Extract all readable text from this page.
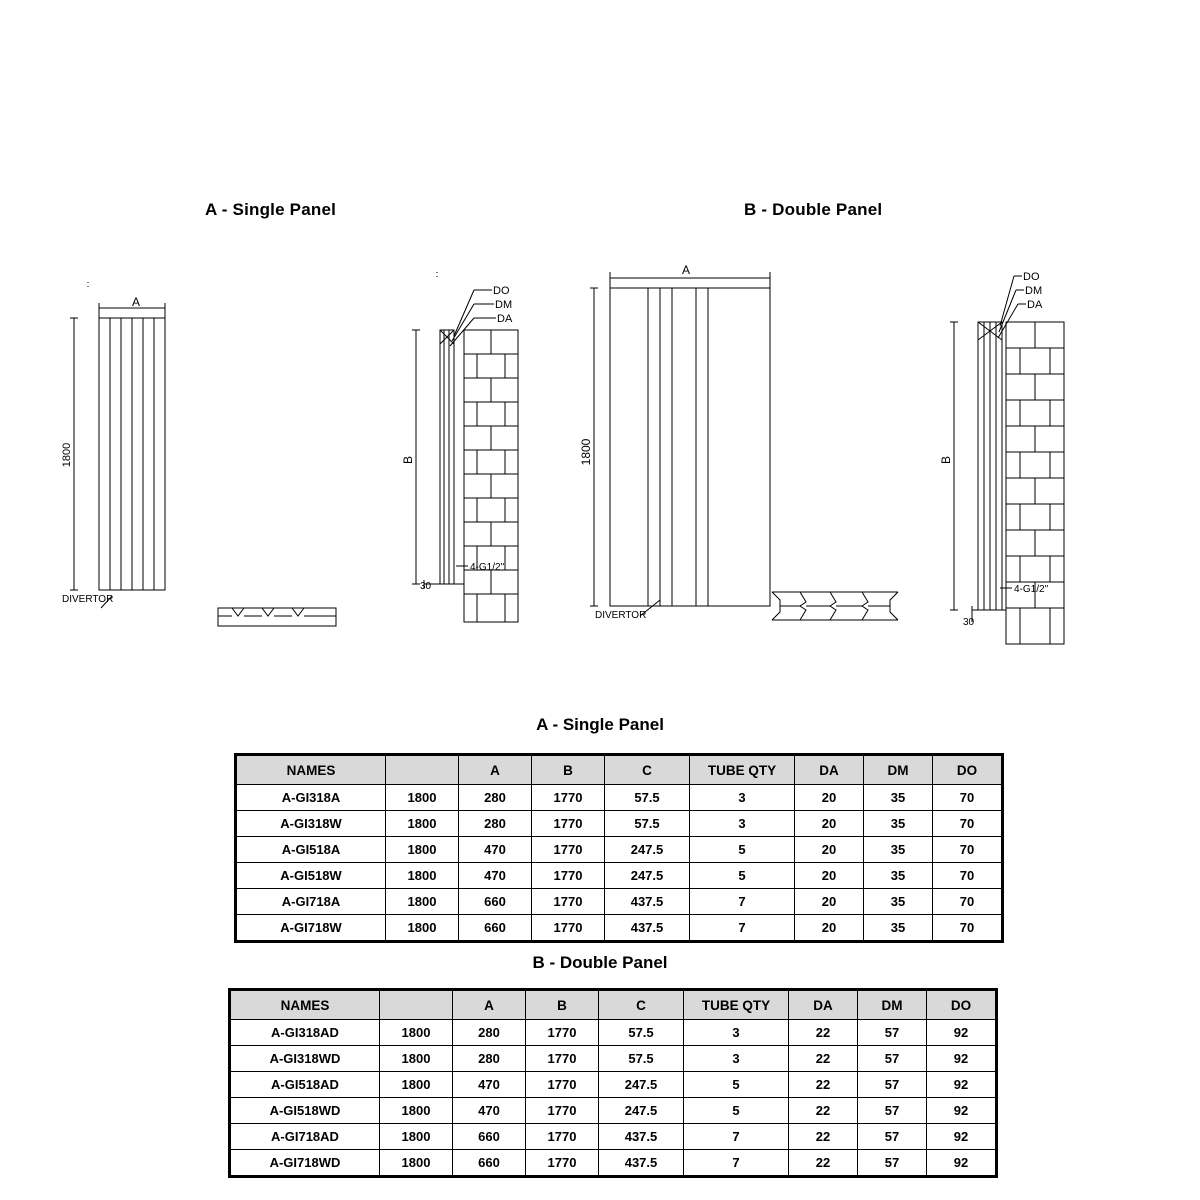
A - Single Panel	B - Double Panel
1800
A
DIVERTOR
B
DO
DM
DA
30
4-G1/2"
1800
A
DIVERTOR
B
DO
DM
DA
30
4-G1/2"
A - Single Panel
NAMES		A	B	C	TUBE QTY	DA	DM	DO
A-GI318A	1800	280	1770	57.5	3	20	35	70
A-GI318W	1800	280	1770	57.5	3	20	35	70
A-GI518A	1800	470	1770	247.5	5	20	35	70
A-GI518W	1800	470	1770	247.5	5	20	35	70
A-GI718A	1800	660	1770	437.5	7	20	35	70
A-GI718W	1800	660	1770	437.5	7	20	35	70
B - Double Panel
NAMES		A	B	C	TUBE QTY	DA	DM	DO
A-GI318AD	1800	280	1770	57.5	3	22	57	92
A-GI318WD	1800	280	1770	57.5	3	22	57	92
A-GI518AD	1800	470	1770	247.5	5	22	57	92
A-GI518WD	1800	470	1770	247.5	5	22	57	92
A-GI718AD	1800	660	1770	437.5	7	22	57	92
A-GI718WD	1800	660	1770	437.5	7	22	57	92
